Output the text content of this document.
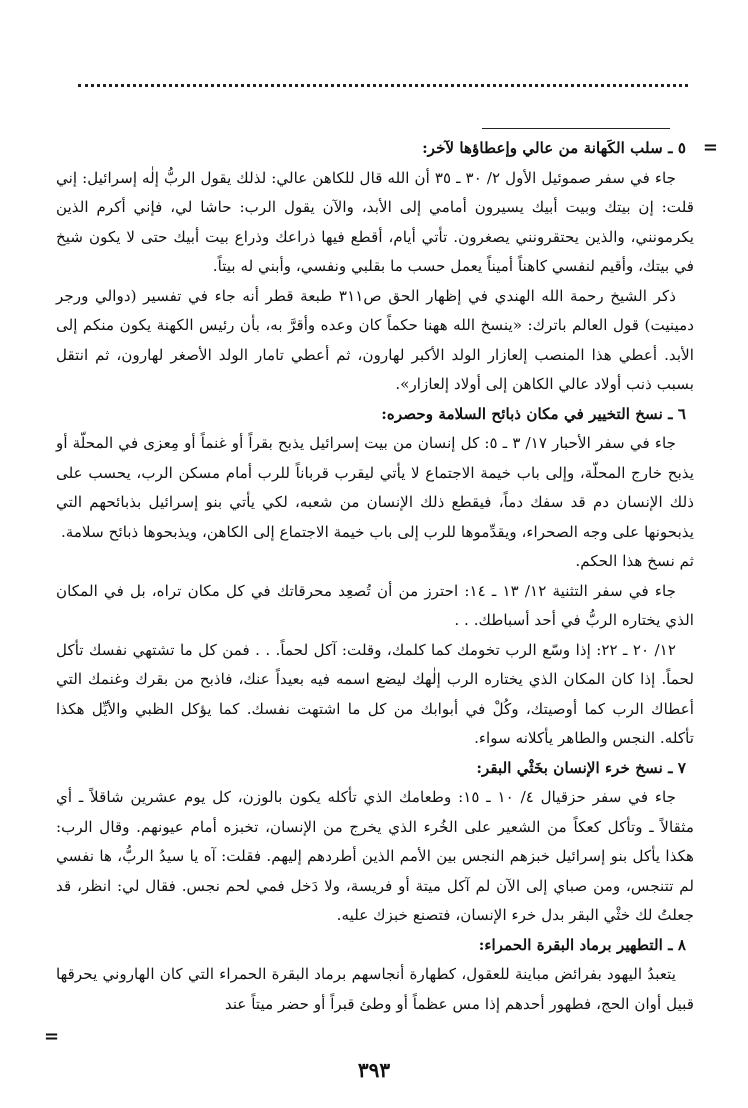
=

٥ ـ سلب الكَهانة من عالي وإعطاؤها لآخر:

جاء في سفر صموئيل الأول ٢/ ٣٠ ـ ٣٥ أن الله قال للكاهن عالي: لذلك يقول الربُّ إلٰه إسرائيل: إني قلت: إن بيتك وبيت أبيك يسيرون أمامي إلى الأبد، والآن يقول الرب: حاشا لي، فإني أكرم الذين يكرمونني، والذين يحتقرونني يصغرون. تأتي أيام، أقطع فيها ذراعك وذراع بيت أبيك حتى لا يكون شيخ في بيتك، وأقيم لنفسي كاهناً أميناً يعمل حسب ما بقلبي ونفسي، وأبني له بيتاً.

ذكر الشيخ رحمة الله الهندي في إظهار الحق ص٣١١ طبعة قطر أنه جاء في تفسير (دوالي ورجر دمينيت) قول العالم باترك: «ينسخ الله ههنا حكماً كان وعده وأقرَّ به، بأن رئيس الكهنة يكون منكم إلى الأبد. أعطي هذا المنصب إلعازار الولد الأكبر لهارون، ثم أعطي تامار الولد الأصغر لهارون، ثم انتقل بسبب ذنب أولاد عالي الكاهن إلى أولاد إلعازار».

٦ ـ نسخ التخيير في مكان ذبائح السلامة وحصره:

جاء في سفر الأحبار ١٧/ ٣ ـ ٥: كل إنسان من بيت إسرائيل يذبح بقراً أو غنماً أو مِعزى في المحلّة أو يذبح خارج المحلّة، وإلى باب خيمة الاجتماع لا يأتي ليقرب قرباناً للرب أمام مسكن الرب، يحسب على ذلك الإنسان دم قد سفك دماً، فيقطع ذلك الإنسان من شعبه، لكي يأتي بنو إسرائيل بذبائحهم التي يذبحونها على وجه الصحراء، ويقدِّموها للرب إلى باب خيمة الاجتماع إلى الكاهن، ويذبحوها ذبائح سلامة.

ثم نسخ هذا الحكم.

جاء في سفر التثنية ١٢/ ١٣ ـ ١٤: احترز من أن تُصعِد محرقاتك في كل مكان تراه، بل في المكان الذي يختاره الربُّ في أحد أسباطك. . .

١٢/ ٢٠ ـ ٢٢: إذا وسّع الرب تخومك كما كلمك، وقلت: آكل لحماً. . . فمن كل ما تشتهي نفسك تأكل لحماً. إذا كان المكان الذي يختاره الرب إلٰهك ليضع اسمه فيه بعيداً عنك، فاذبح من بقرك وغنمك التي أعطاك الرب كما أوصيتك، وكُلْ في أبوابك من كل ما اشتهت نفسك. كما يؤكل الظبي والأيِّل هكذا تأكله. النجس والطاهر يأكلانه سواء.

٧ ـ نسخ خرء الإنسان بخَثْي البقر:

جاء في سفر حزقيال ٤/ ١٠ ـ ١٥: وطعامك الذي تأكله يكون بالوزن، كل يوم عشرين شاقلاً ـ أي مثقالاً ـ وتأكل كعكاً من الشعير على الخُرء الذي يخرج من الإنسان، تخبزه أمام عيونهم. وقال الرب: هكذا يأكل بنو إسرائيل خبزهم النجس بين الأمم الذين أطردهم إليهم. فقلت: آه يا سيدُ الربُّ، ها نفسي لم تتنجس، ومن صباي إلى الآن لم آكل ميتة أو فريسة، ولا دَخل فمي لحم نجس. فقال لي: انظر، قد جعلتُ لك خثْي البقر بدل خرء الإنسان، فتصنع خبزك عليه.

٨ ـ التطهير برماد البقرة الحمراء:

يتعبدُ اليهود بفرائض مباينة للعقول، كطهارة أنجاسهم برماد البقرة الحمراء التي كان الهاروني يحرقها قبيل أوان الحج، فطهور أحدهم إذا مس عظماً أو وطئ قبراً أو حضر ميتاً عند

=
٣٩٣
